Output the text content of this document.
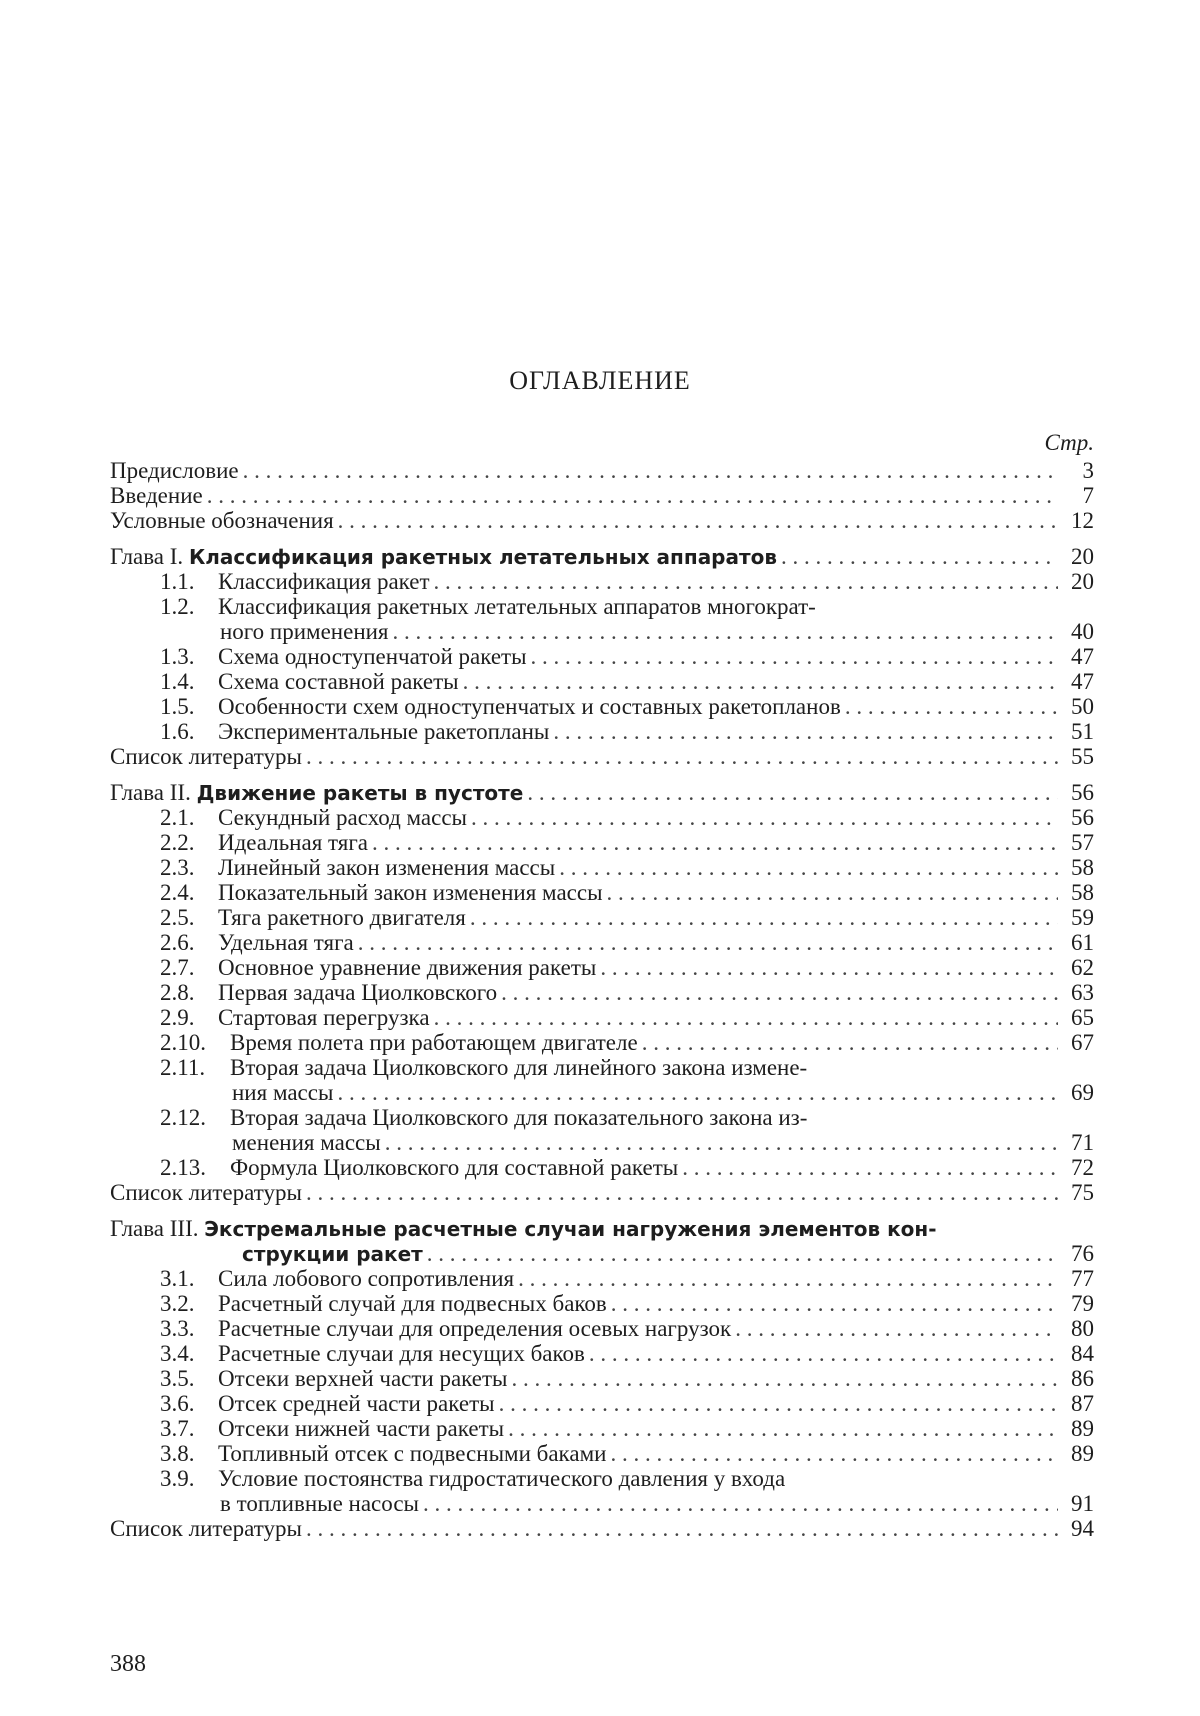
ОГЛАВЛЕНИЕ
Стр.
Предисловие . . .	3
Введение . . .	7
Условные обозначения . . .	12
Глава I. Классификация ракетных летательных аппаратов . . .	20
1.1. Классификация ракет . . .	20
1.2. Классификация ракетных летательных аппаратов многократ-
ного применения . . .	40
1.3. Схема одноступенчатой ракеты . . .	47
1.4. Схема составной ракеты . . .	47
1.5. Особенности схем одноступенчатых и составных ракетопланов . . .	50
1.6. Экспериментальные ракетопланы . . .	51
Список литературы . . .	55
Глава II. Движение ракеты в пустоте . . .	56
2.1. Секундный расход массы . . .	56
2.2. Идеальная тяга . . .	57
2.3. Линейный закон изменения массы . . .	58
2.4. Показательный закон изменения массы . . .	58
2.5. Тяга ракетного двигателя . . .	59
2.6. Удельная тяга . . .	61
2.7. Основное уравнение движения ракеты . . .	62
2.8. Первая задача Циолковского . . .	63
2.9. Стартовая перегрузка . . .	65
2.10. Время полета при работающем двигателе . . .	67
2.11. Вторая задача Циолковского для линейного закона измене-
ния массы . . .	69
2.12. Вторая задача Циолковского для показательного закона из-
менения массы . . .	71
2.13. Формула Циолковского для составной ракеты . . .	72
Список литературы . . .	75
Глава III. Экстремальные расчетные случаи нагружения элементов кон-
струкции ракет . . .	76
3.1. Сила лобового сопротивления . . .	77
3.2. Расчетный случай для подвесных баков . . .	79
3.3. Расчетные случаи для определения осевых нагрузок . . .	80
3.4. Расчетные случаи для несущих баков . . .	84
3.5. Отсеки верхней части ракеты . . .	86
3.6. Отсек средней части ракеты . . .	87
3.7. Отсеки нижней части ракеты . . .	89
3.8. Топливный отсек с подвесными баками . . .	89
3.9. Условие постоянства гидростатического давления у входа
в топливные насосы . . .	91
Список литературы . . .	94
388
